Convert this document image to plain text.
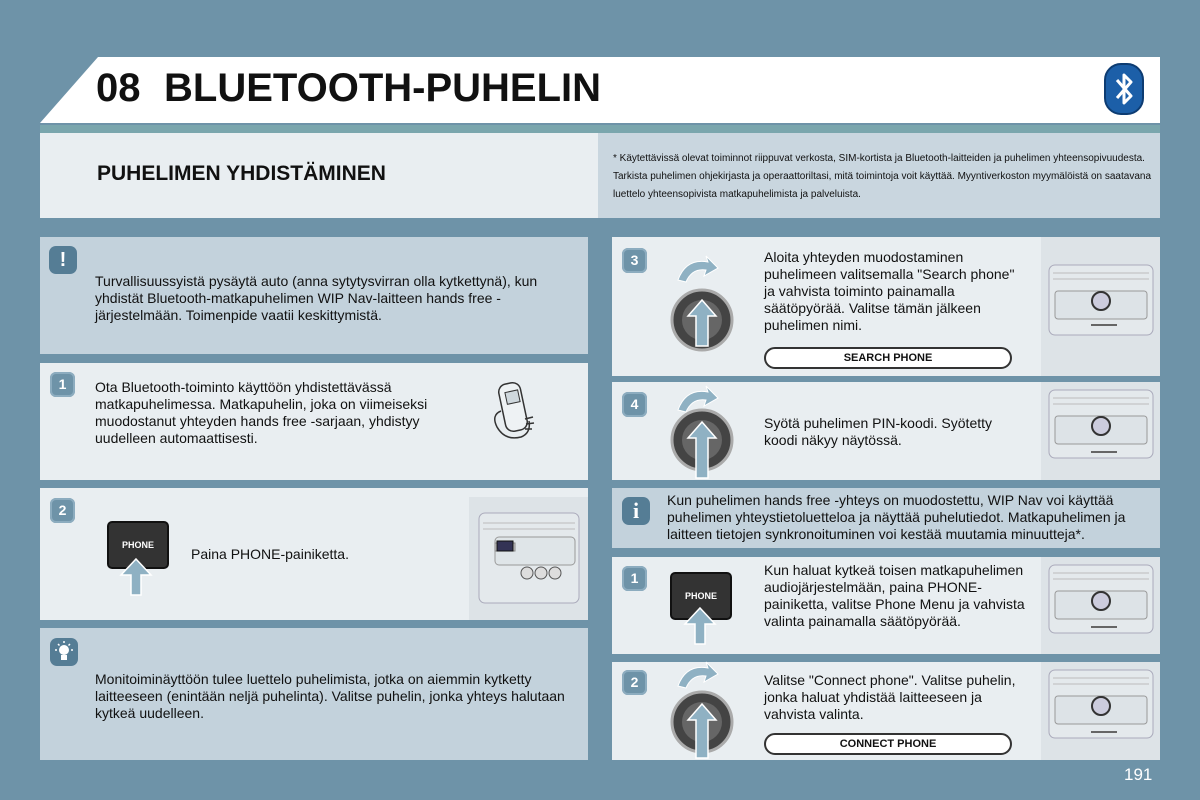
08 BLUETOOTH-PUHELIN
PUHELIMEN YHDISTÄMINEN
* Käytettävissä olevat toiminnot riippuvat verkosta, SIM-kortista ja Bluetooth-laitteiden ja puhelimen yhteensopivuudesta. Tarkista puhelimen ohjekirjasta ja operaattoriltasi, mitä toimintoja voit käyttää. Myyntiverkoston myymälöistä on saatavana luettelo yhteensopivista matkapuhelimista ja palveluista.
!
Turvallisuussyistä pysäytä auto (anna sytytysvirran olla kytkettynä), kun yhdistät Bluetooth-matkapuhelimen WIP Nav-laitteen hands free -järjestelmään. Toimenpide vaatii keskittymistä.
1	Ota Bluetooth-toiminto käyttöön yhdistettävässä matkapuhelimessa. Matkapuhelin, joka on viimeiseksi muodostanut yhteyden hands free -sarjaan, yhdistyy uudelleen automaattisesti.
2
PHONE
Paina PHONE-painiketta.
Monitoiminäyttöön tulee luettelo puhelimista, jotka on aiemmin kytketty laitteeseen (enintään neljä puhelinta). Valitse puhelin, jonka yhteys halutaan kytkeä uudelleen.
3	Aloita yhteyden muodostaminen puhelimeen valitsemalla "Search phone" ja vahvista toiminto painamalla säätöpyörää. Valitse tämän jälkeen puhelimen nimi.
SEARCH PHONE
4
Syötä puhelimen PIN-koodi. Syötetty koodi näkyy näytössä.
i	Kun puhelimen hands free -yhteys on muodostettu, WIP Nav voi käyttää puhelimen yhteystietoluetteloa ja näyttää puhelutiedot. Matkapuhelimen ja laitteen tietojen synkronoituminen voi kestää muutamia minuutteja*.
1
PHONE
Kun haluat kytkeä toisen matkapuhelimen audiojärjestelmään, paina PHONE-painiketta, valitse Phone Menu ja vahvista valinta painamalla säätöpyörää.
2	Valitse "Connect phone". Valitse puhelin, jonka haluat yhdistää laitteeseen ja vahvista valinta.
CONNECT PHONE
191
